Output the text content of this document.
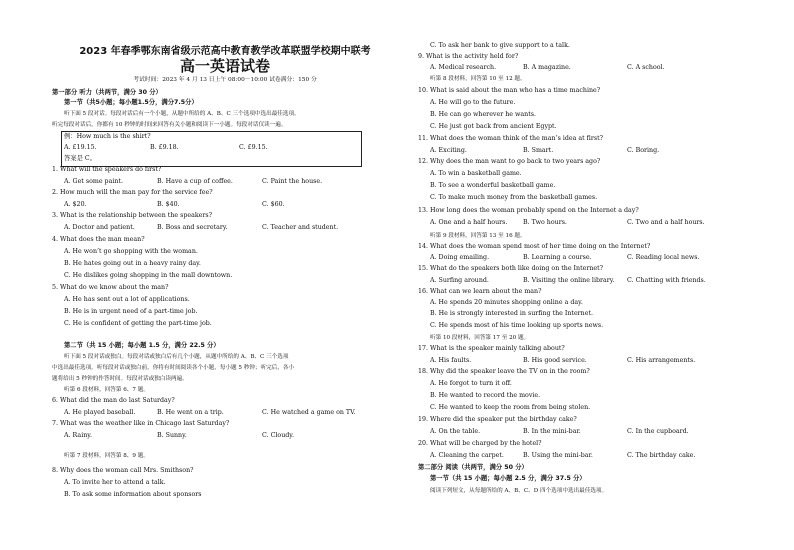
2023 年春季鄂东南省级示范高中教育教学改革联盟学校期中联考
高一英语试卷
考试时间：2023 年 4 月 13 日上午 08:00－10:00 试卷满分：150 分
第一部分 听力（共两节，满分 30 分）
第一节（共5小题；每小题1.5分，满分7.5分）
听下面 5 段对话。每段对话后有一个小题，从题中所给的 A、B、C 三个选项中选出最佳选项。
听完每段对话后，你都有 10 秒钟的时间来回答有关小题和阅读下一小题。每段对话仅读一遍。
例：How much is the shirt?
A. £19.15.	B. £9.18.	C. £9.15.
答案是 C。
1. What will the speakers do first?
A. Get some paint.	B. Have a cup of coffee.	C. Paint the house.
2. How much will the man pay for the service fee?
A. $20.	B. $40.	C. $60.
3. What is the relationship between the speakers?
A. Doctor and patient.	B. Boss and secretary.	C. Teacher and student.
4. What does the man mean?
A. He won’t go shopping with the woman.
B. He hates going out in a heavy rainy day.
C. He dislikes going shopping in the mall downtown.
5. What do we know about the man?
A. He has sent out a lot of applications.
B. He is in urgent need of a part-time job.
C. He is confident of getting the part-time job.
6. What did the man do last Saturday?
A. He played baseball.	B. He went on a trip.	C. He watched a game on TV.
7. What was the weather like in Chicago last Saturday?
A. Rainy.	B. Sunny.	C. Cloudy.
8. Why does the woman call Mrs. Smithson?
A. To invite her to attend a talk.
B. To ask some information about sponsors
第二节（共 15 小题；每小题 1.5 分，满分 22.5 分）
听下面 5 段对话或独白。每段对话或独白后有几个小题，从题中所给的 A、B、C 三个选项
中选出最佳选项。听每段对话或独白前，你将有时间阅读各个小题，每小题 5 秒钟；听完后，各小
题将给出 5 秒钟的作答时间。每段对话或独白读两遍。
听第 6 段材料，回答第 6、7 题。
听第 7 段材料，回答第 8、9 题。
C. To ask her bank to give support to a talk.
9. What is the activity held for?
A. Medical research.	B. A magazine.	C. A school.
10. What is said about the man who has a time machine?
A. He will go to the future.
B. He can go wherever he wants.
C. He just got back from ancient Egypt.
11. What does the woman think of the man’s idea at first?
A. Exciting.	B. Smart.	C. Boring.
12. Why does the man want to go back to two years ago?
A. To win a basketball game.
B. To see a wonderful basketball game.
C. To make much money from the basketball games.
13. How long does the woman probably spend on the Internet a day?
A. One and a half hours. B. Two hours.	C. Two and a half hours.
14. What does the woman spend most of her time doing on the Internet?
A. Doing emailing.	B. Learning a course.	C. Reading local news.
15. What do the speakers both like doing on the Internet?
A. Surfing around.	B. Visiting the online library. C. Chatting with friends.
16. What can we learn about the man?
A. He spends 20 minutes shopping online a day.
B. He is strongly interested in surfing the Internet.
C. He spends most of his time looking up sports news.
17. What is the speaker mainly talking about?
A. His faults.	B. His good service.	C. His arrangements.
18. Why did the speaker leave the TV on in the room?
A. He forgot to turn it off.
B. He wanted to record the movie.
C. He wanted to keep the room from being stolen.
19. Where did the speaker put the birthday cake?
A. On the table.	B. In the mini-bar.	C. In the cupboard.
20. What will be charged by the hotel?
A. Cleaning the carpet.	B. Using the mini-bar.	C. The birthday cake.
听第 8 段材料，回答第 10 至 12 题。
听第 9 段材料，回答第 13 至 16 题。
听第 10 段材料，回答第 17 至 20 题。
第二部分 阅读（共两节，满分 50 分）
第一节（共 15 小题；每小题 2.5 分，满分 37.5 分）
阅读下列短文，从每题所给的 A、B、C、D 四个选项中选出最佳选项。
